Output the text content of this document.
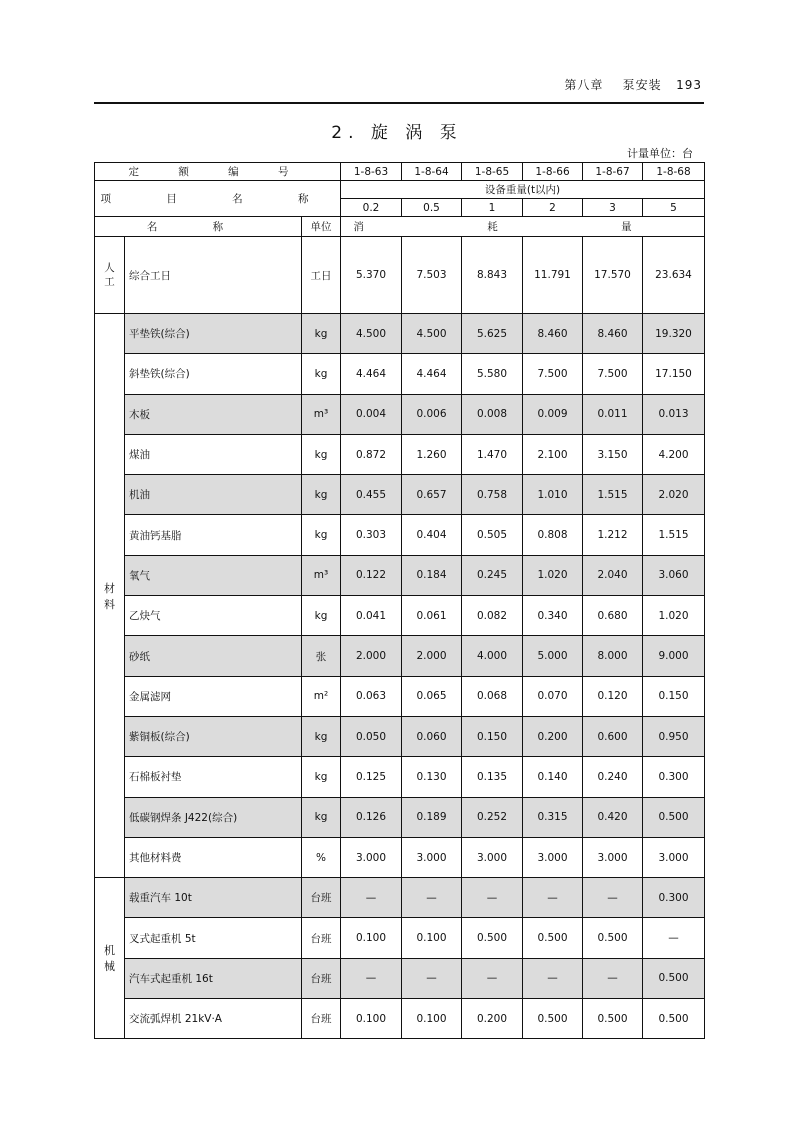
第八章 泵安装 193
2. 旋 涡 泵
计量单位：台
定 额 编 号			1-8-63	1-8-64	1-8-65	1-8-66	1-8-67	1-8-68
项 目 名 称			设备重量(t以内)					
			0.2	0.5	1	2	3	5
名 称		单位	消 耗 量					
人工	综合工日	工日	5.370	7.503	8.843	11.791	17.570	23.634

材
料	平垫铁(综合)	kg	4.500	4.500	5.625	8.460	8.460	19.320
	斜垫铁(综合)	kg	4.464	4.464	5.580	7.500	7.500	17.150
	木板	m³	0.004	0.006	0.008	0.009	0.011	0.013
	煤油	kg	0.872	1.260	1.470	2.100	3.150	4.200
	机油	kg	0.455	0.657	0.758	1.010	1.515	2.020
	黄油钙基脂	kg	0.303	0.404	0.505	0.808	1.212	1.515
	氧气	m³	0.122	0.184	0.245	1.020	2.040	3.060
	乙炔气	kg	0.041	0.061	0.082	0.340	0.680	1.020
	砂纸	张	2.000	2.000	4.000	5.000	8.000	9.000
	金属滤网	m²	0.063	0.065	0.068	0.070	0.120	0.150
	紫铜板(综合)	kg	0.050	0.060	0.150	0.200	0.600	0.950
	石棉板衬垫	kg	0.125	0.130	0.135	0.140	0.240	0.300
	低碳钢焊条 J422(综合)	kg	0.126	0.189	0.252	0.315	0.420	0.500
	其他材料费	%	3.000	3.000	3.000	3.000	3.000	3.000

机
械	载重汽车 10t	台班	—	—	—	—	—	0.300
	叉式起重机 5t	台班	0.100	0.100	0.500	0.500	0.500	—
	汽车式起重机 16t	台班	—	—	—	—	—	0.500
	交流弧焊机 21kV·A	台班	0.100	0.100	0.200	0.500	0.500	0.500
